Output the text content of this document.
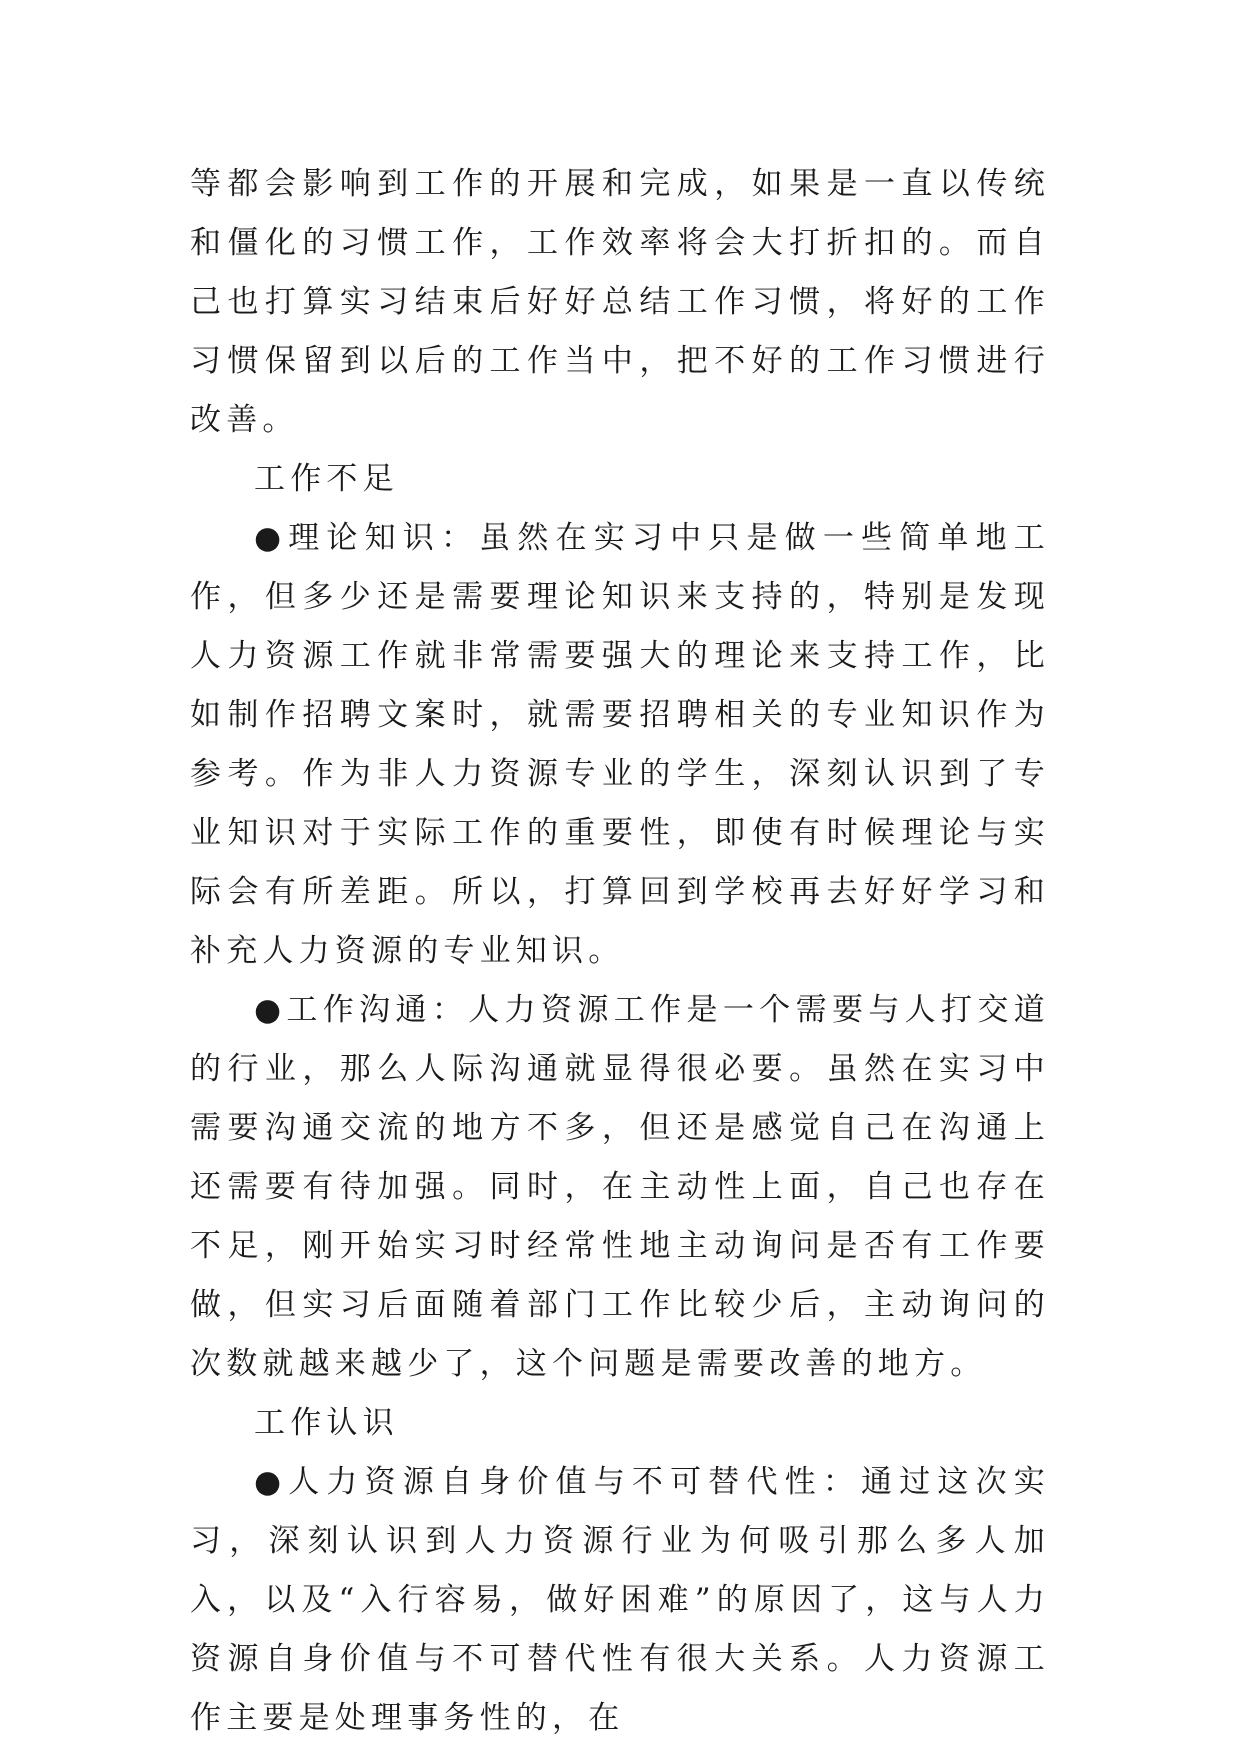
等都会影响到工作的开展和完成，如果是一直以传统和僵化的习惯工作，工作效率将会大打折扣的。而自己也打算实习结束后好好总结工作习惯，将好的工作习惯保留到以后的工作当中，把不好的工作习惯进行改善。

工作不足

●理论知识：虽然在实习中只是做一些简单地工作，但多少还是需要理论知识来支持的，特别是发现人力资源工作就非常需要强大的理论来支持工作，比如制作招聘文案时，就需要招聘相关的专业知识作为参考。作为非人力资源专业的学生，深刻认识到了专业知识对于实际工作的重要性，即使有时候理论与实际会有所差距。所以，打算回到学校再去好好学习和补充人力资源的专业知识。

●工作沟通：人力资源工作是一个需要与人打交道的行业，那么人际沟通就显得很必要。虽然在实习中需要沟通交流的地方不多，但还是感觉自己在沟通上还需要有待加强。同时，在主动性上面，自己也存在不足，刚开始实习时经常性地主动询问是否有工作要做，但实习后面随着部门工作比较少后，主动询问的次数就越来越少了，这个问题是需要改善的地方。

工作认识

●人力资源自身价值与不可替代性：通过这次实习，深刻认识到人力资源行业为何吸引那么多人加入，以及“入行容易，做好困难”的原因了，这与人力资源自身价值与不可替代性有很大关系。人力资源工作主要是处理事务性的，在
